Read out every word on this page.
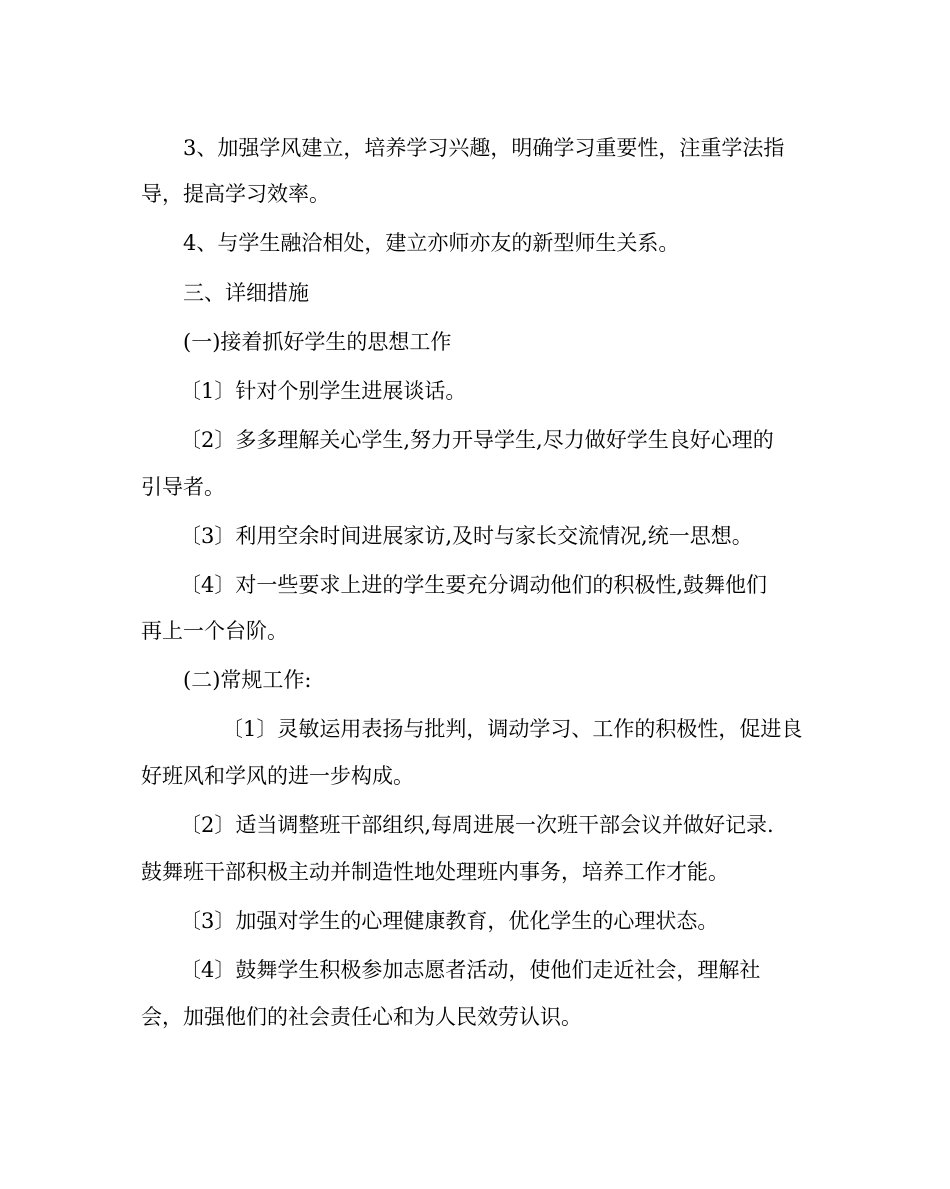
3、加强学风建立，培养学习兴趣，明确学习重要性，注重学法指
导，提高学习效率。
4、与学生融洽相处，建立亦师亦友的新型师生关系。
三、详细措施
(一)接着抓好学生的思想工作
〔1〕针对个别学生进展谈话。
〔2〕多多理解关心学生,努力开导学生,尽力做好学生良好心理的
引导者。
〔3〕利用空余时间进展家访,及时与家长交流情况,统一思想。
〔4〕对一些要求上进的学生要充分调动他们的积极性,鼓舞他们
再上一个台阶。
(二)常规工作:
〔1〕灵敏运用表扬与批判，调动学习、工作的积极性，促进良
好班风和学风的进一步构成。
〔2〕适当调整班干部组织,每周进展一次班干部会议并做好记录.
鼓舞班干部积极主动并制造性地处理班内事务，培养工作才能。
〔3〕加强对学生的心理健康教育，优化学生的心理状态。
〔4〕鼓舞学生积极参加志愿者活动，使他们走近社会，理解社
会，加强他们的社会责任心和为人民效劳认识。
